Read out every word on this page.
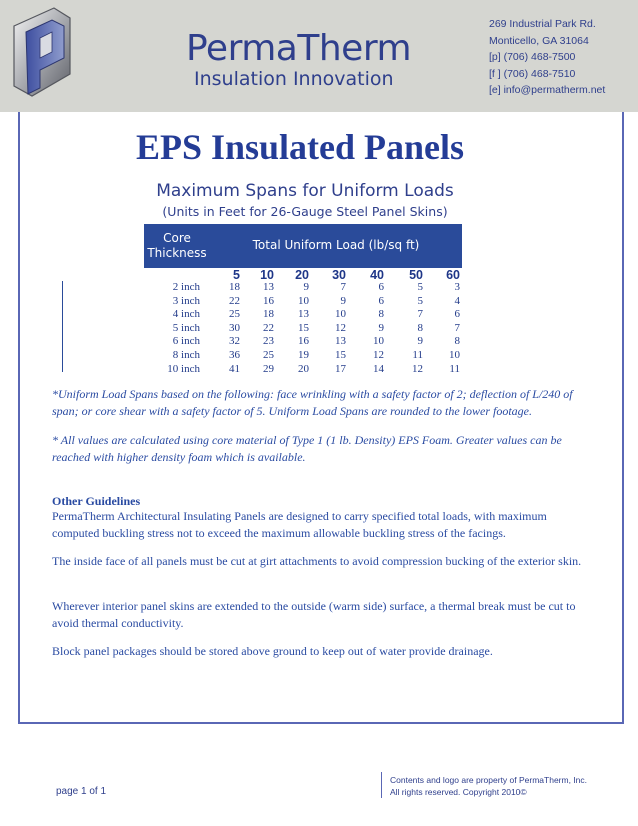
PermaTherm
Insulation Innovation
269 Industrial Park Rd.
Monticello, GA 31064
[p] (706) 468-7500
[f ] (706) 468-7510
[e] info@permatherm.net
EPS Insulated Panels
Maximum Spans for Uniform Loads
(Units in Feet for 26-Gauge Steel Panel Skins)
Core
Thickness
Total Uniform Load (lb/sq ft)
5	10	20	30	40	50	60
2 inch	18	13	9	7	6	5	3
3 inch	22	16	10	9	6	5	4
4 inch	25	18	13	10	8	7	6
5 inch	30	22	15	12	9	8	7
6 inch	32	23	16	13	10	9	8
8 inch	36	25	19	15	12	11	10
10 inch	41	29	20	17	14	12	11
*Uniform Load Spans based on the following: face wrinkling with a safety factor of 2; deflection of L/240 of span; or core shear with a safety factor of 5. Uniform Load Spans are rounded to the lower footage.
* All values are calculated using core material of Type 1 (1 lb. Density) EPS Foam. Greater values can be reached with higher density foam which is available.
Other Guidelines
PermaTherm Architectural Insulating Panels are designed to carry specified total loads, with maximum computed buckling stress not to exceed the maximum allowable buckling stress of the facings.
The inside face of all panels must be cut at girt attachments to avoid compression bucking of the exterior skin.
Wherever interior panel skins are extended to the outside (warm side) surface, a thermal break must be cut to avoid thermal conductivity.
Block panel packages should be stored above ground to keep out of water provide drainage.
page 1 of 1
Contents and logo are property of PermaTherm, Inc.
All rights reserved. Copyright 2010©
